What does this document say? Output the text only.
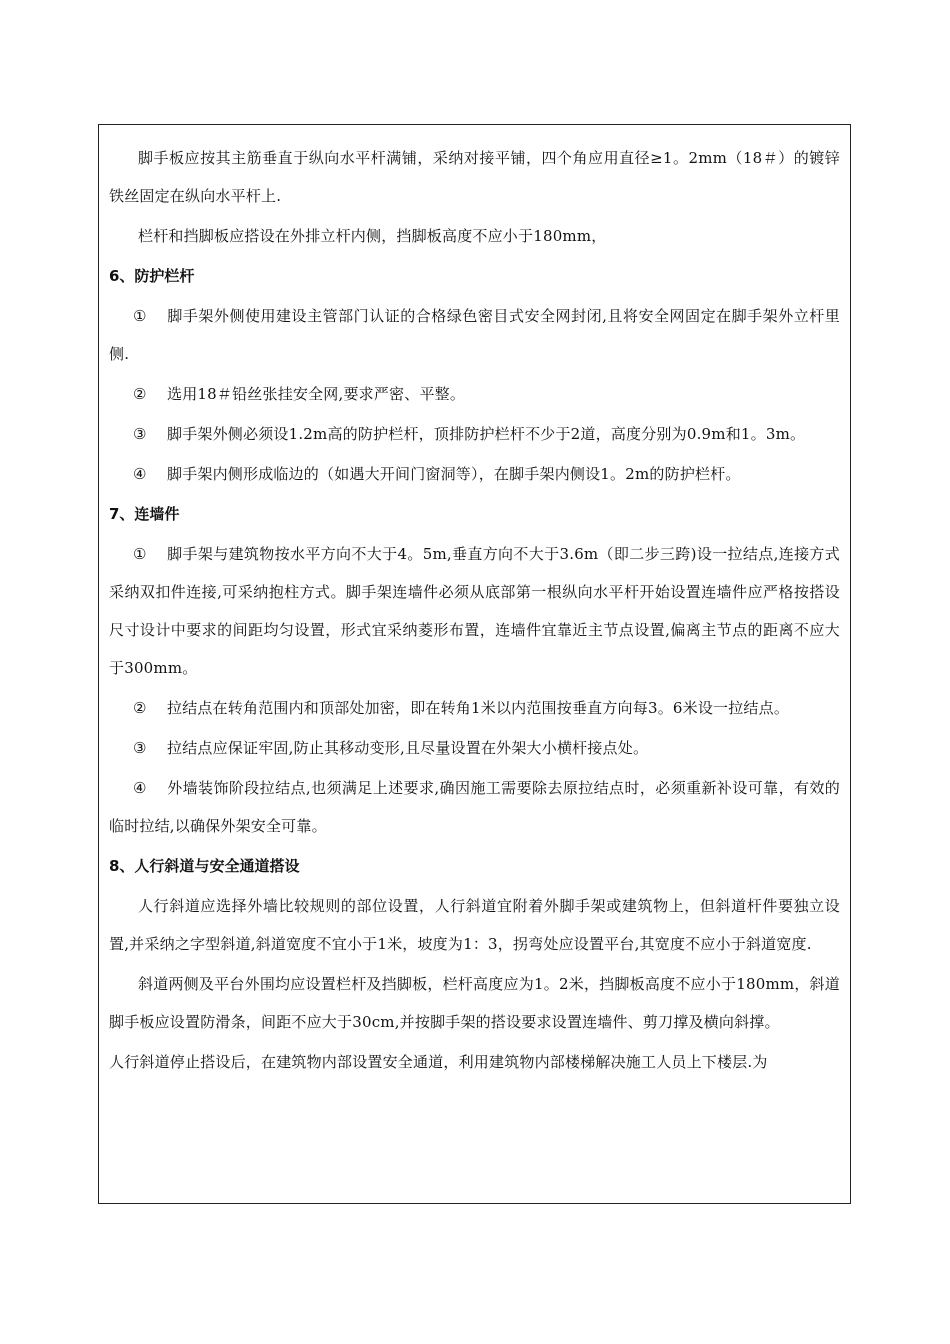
脚手板应按其主筋垂直于纵向水平杆满铺，采纳对接平铺，四个角应用直径≥1。2mm（18＃）的镀锌铁丝固定在纵向水平杆上.

栏杆和挡脚板应搭设在外排立杆内侧，挡脚板高度不应小于180mm，

6、防护栏杆

① 脚手架外侧使用建设主管部门认证的合格绿色密目式安全网封闭,且将安全网固定在脚手架外立杆里侧.

② 选用18＃铅丝张挂安全网,要求严密、平整。

③ 脚手架外侧必须设1.2m高的防护栏杆，顶排防护栏杆不少于2道，高度分别为0.9m和1。3m。

④ 脚手架内侧形成临边的（如遇大开间门窗洞等），在脚手架内侧设1。2m的防护栏杆。

7、连墙件

① 脚手架与建筑物按水平方向不大于4。5m,垂直方向不大于3.6m（即二步三跨)设一拉结点,连接方式采纳双扣件连接,可采纳抱柱方式。脚手架连墙件必须从底部第一根纵向水平杆开始设置连墙件应严格按搭设尺寸设计中要求的间距均匀设置，形式宜采纳菱形布置，连墙件宜靠近主节点设置,偏离主节点的距离不应大于300mm。

② 拉结点在转角范围内和顶部处加密，即在转角1米以内范围按垂直方向每3。6米设一拉结点。

③ 拉结点应保证牢固,防止其移动变形,且尽量设置在外架大小横杆接点处。

④ 外墙装饰阶段拉结点,也须满足上述要求,确因施工需要除去原拉结点时，必须重新补设可靠，有效的临时拉结,以确保外架安全可靠。

8、人行斜道与安全通道搭设

人行斜道应选择外墙比较规则的部位设置，人行斜道宜附着外脚手架或建筑物上，但斜道杆件要独立设置,并采纳之字型斜道,斜道宽度不宜小于1米，坡度为1：3，拐弯处应设置平台,其宽度不应小于斜道宽度.

斜道两侧及平台外围均应设置栏杆及挡脚板，栏杆高度应为1。2米，挡脚板高度不应小于180mm，斜道脚手板应设置防滑条，间距不应大于30cm,并按脚手架的搭设要求设置连墙件、剪刀撑及横向斜撑。

人行斜道停止搭设后，在建筑物内部设置安全通道，利用建筑物内部楼梯解决施工人员上下楼层.为
